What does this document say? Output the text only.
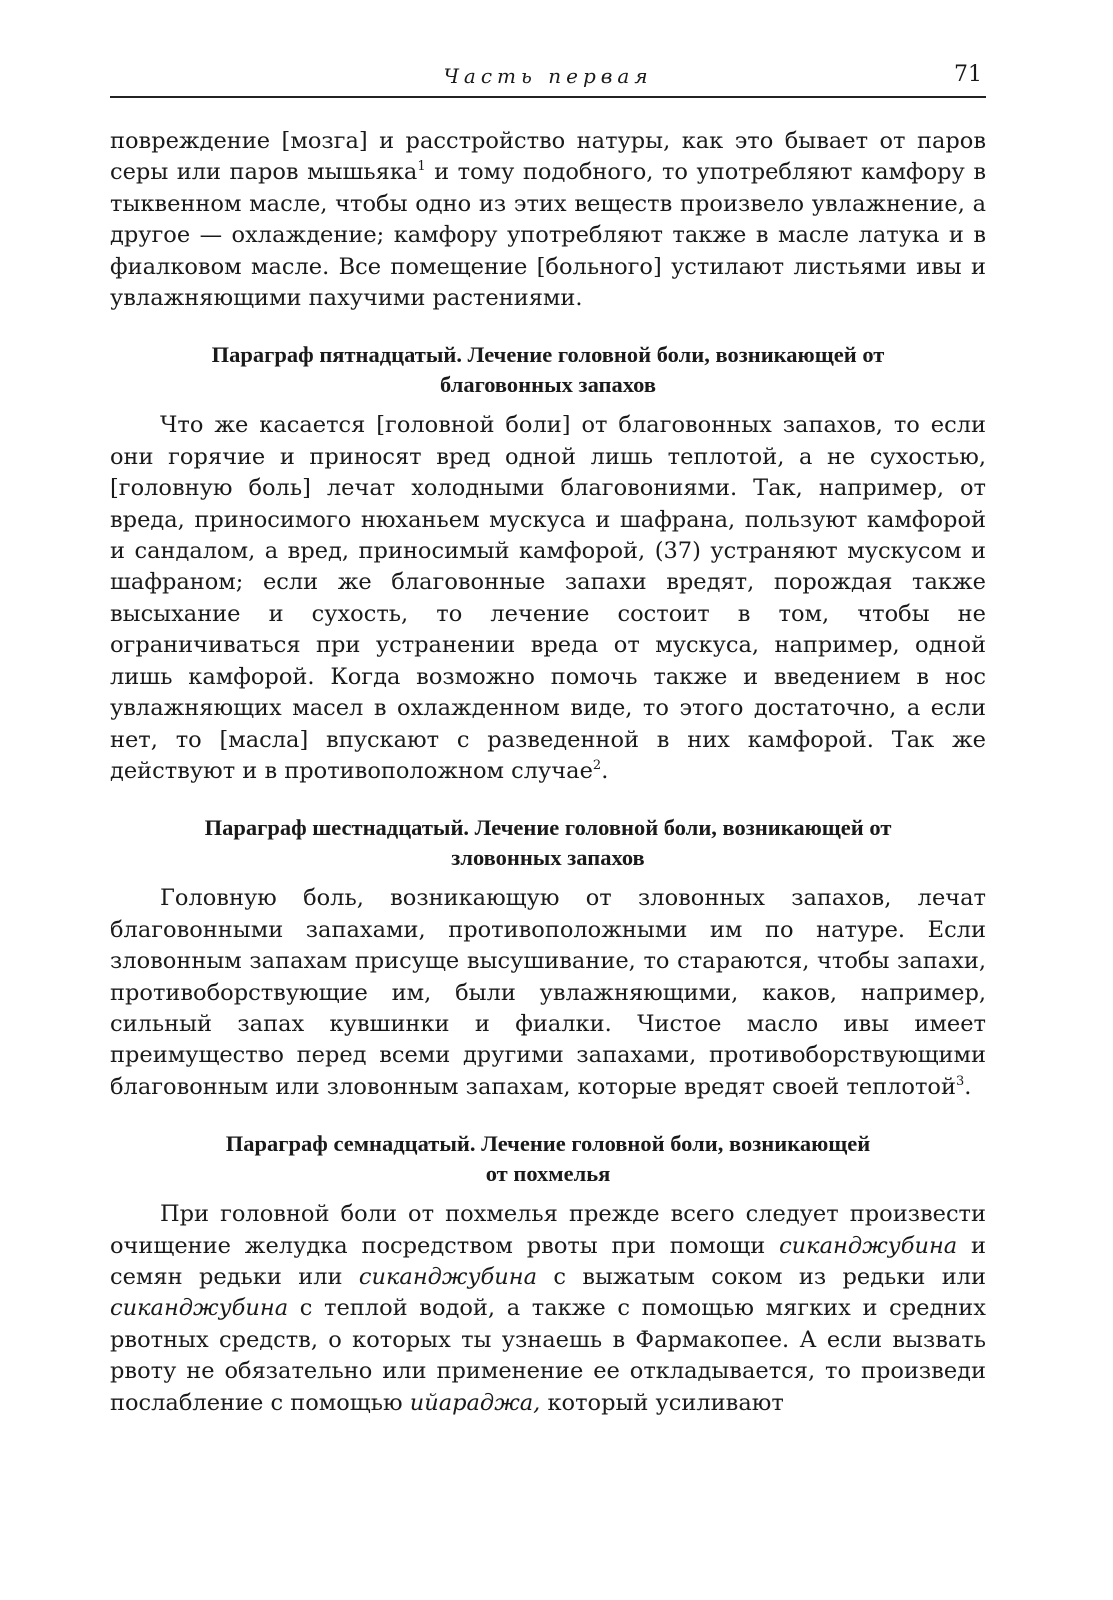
Часть первая	71

повреждение [мозга] и расстройство натуры, как это бывает от паров серы или паров мышьяка$^1$ и тому подобного, то употребляют камфору в тыквенном масле, чтобы одно из этих веществ произвело увлажнение, а другое — охлаждение; камфору употребляют также в масле латука и в фиалковом масле. Все помещение [больного] устилают листьями ивы и увлажняющими пахучими растениями.

Параграф пятнадцатый. Лечение головной боли, возникающей от
благовонных запахов

Что же касается [головной боли] от благовонных запахов, то если они горячие и приносят вред одной лишь теплотой, а не сухостью, [головную боль] лечат холодными благовониями. Так, например, от вреда, приносимого нюханьем мускуса и шафрана, пользуют камфорой и сандалом, а вред, приносимый камфорой, (37) устраняют мускусом и шафраном; если же благовонные запахи вредят, порождая также высыхание и сухость, то лечение состоит в том, чтобы не ограничиваться при устранении вреда от мускуса, например, одной лишь камфорой. Когда возможно помочь также и введением в нос увлажняющих масел в охлажденном виде, то этого достаточно, а если нет, то [масла] впускают с разведенной в них камфорой. Так же действуют и в противоположном случае$^2$.

Параграф шестнадцатый. Лечение головной боли, возникающей от
зловонных запахов

Головную боль, возникающую от зловонных запахов, лечат благовонными запахами, противоположными им по натуре. Если зловонным запахам присуще высушивание, то стараются, чтобы запахи, противоборствующие им, были увлажняющими, каков, например, сильный запах кувшинки и фиалки. Чистое масло ивы имеет преимущество перед всеми другими запахами, противоборствующими благовонным или зловонным запахам, которые вредят своей теплотой$^3$.

Параграф семнадцатый. Лечение головной боли, возникающей
от похмелья

При головной боли от похмелья прежде всего следует произвести очищение желудка посредством рвоты при помощи сиканджубина и семян редьки или сиканджубина с выжатым соком из редьки или сиканджубина с теплой водой, а также с помощью мягких и средних рвотных средств, о которых ты узнаешь в Фармакопее. А если вызвать рвоту не обязательно или применение ее откладывается, то произведи послабление с помощью ийараджа, который усиливают
